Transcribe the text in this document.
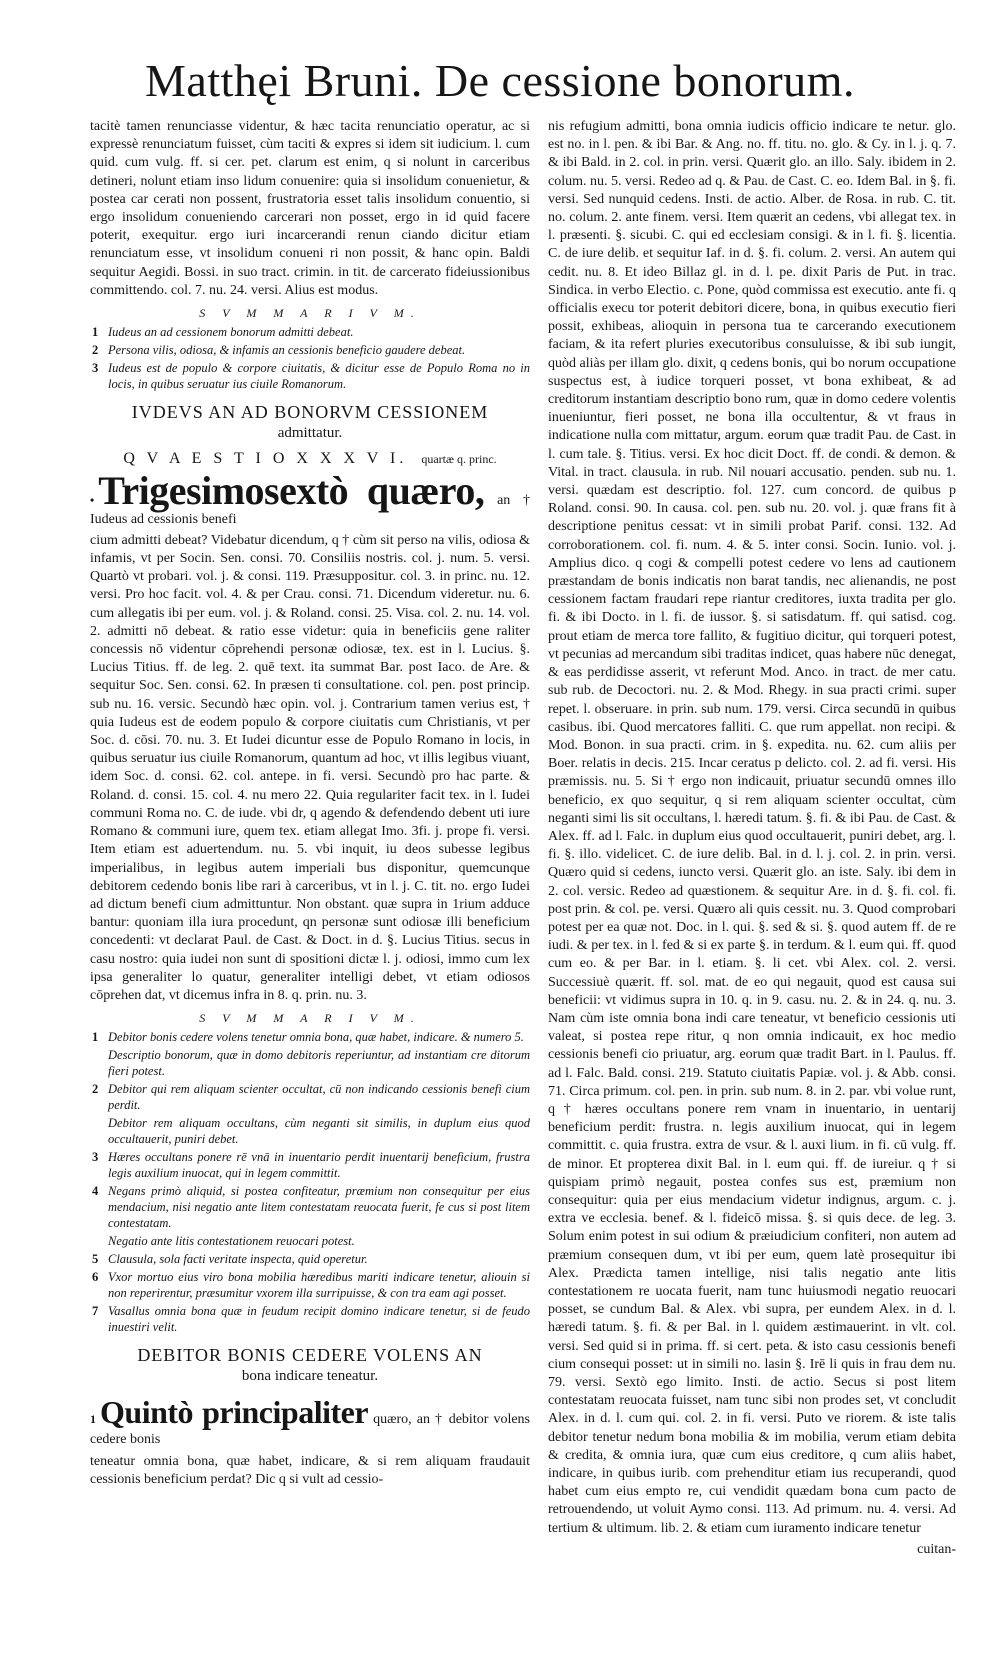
Matthęi Bruni. De cessione bonorum.

tacitè tamen renunciasse videntur, & hæc tacita renunciatio operatur, ac si expressè renunciatum fuisset, cùm taciti & expres si idem sit iudicium. l. cum quid. cum vulg. ff. si cer. pet. clarum est enim, q si nolunt in carceribus detineri, nolunt etiam inso lidum conuenire: quia si insolidum conuenietur, & postea car cerati non possent, frustratoria esset talis insolidum conuentio, si ergo insolidum conueniendo carcerari non posset, ergo in id quid facere poterit, exequitur. ergo iuri incarcerandi renun ciando dicitur etiam renunciatum esse, vt insolidum conueni ri non possit, & hanc opin. Baldi sequitur Aegidi. Bossi. in suo tract. crimin. in tit. de carcerato fideiussionibus committendo. col. 7. nu. 24. versi. Alius est modus.

S V M M A R I V M.
1 Iudeus an ad cessionem bonorum admitti debeat.
2 Persona vilis, odiosa, & infamis an cessionis beneficio gaudere debeat.
3 Iudeus est de populo & corpore ciuitatis, & dicitur esse de Populo Roma no in locis, in quibus seruatur ius ciuile Romanorum.
IVDEVS AN AD BONORVM CESSIONEM
admittatur.
Q V A E S T I O X X X V I. quartæ q. princ.

• Trigesimosextò quæro, an † Iudeus ad cessionis benefi

cium admitti debeat? Videbatur dicendum, q † cùm sit perso na vilis, odiosa & infamis, vt per Socin. Sen. consi. 70. Consiliis nostris. col. j. num. 5. versi. Quartò vt probari. vol. j. & consi. 119. Præsuppositur. col. 3. in princ. nu. 12. versi. Pro hoc facit. vol. 4. & per Crau. consi. 71. Dicendum videretur. nu. 6. cum allegatis ibi per eum. vol. j. & Roland. consi. 25. Visa. col. 2. nu. 14. vol. 2. admitti nō debeat. & ratio esse videtur: quia in beneficiis gene raliter concessis nō videntur cōprehendi personæ odiosæ, tex. est in l. Lucius. §. Lucius Titius. ff. de leg. 2. quē text. ita summat Bar. post Iaco. de Are. & sequitur Soc. Sen. consi. 62. In præsen ti consultatione. col. pen. post princip. sub nu. 16. versic. Secundò hæc opin. vol. j. Contrarium tamen verius est, † quia Iudeus est de eodem populo & corpore ciuitatis cum Christianis, vt per Soc. d. cōsi. 70. nu. 3. Et Iudei dicuntur esse de Populo Romano in locis, in quibus seruatur ius ciuile Romanorum, quantum ad hoc, vt illis legibus viuant, idem Soc. d. consi. 62. col. antepe. in fi. versi. Secundò pro hac parte. & Roland. d. consi. 15. col. 4. nu mero 22. Quia regulariter facit tex. in l. Iudei communi Roma no. C. de iude. vbi dr, q agendo & defendendo debent uti iure Romano & communi iure, quem tex. etiam allegat Imo. 3fi. j. prope fi. versi. Item etiam est aduertendum. nu. 5. vbi inquit, iu deos subesse legibus imperialibus, in legibus autem imperiali bus disponitur, quemcunque debitorem cedendo bonis libe rari à carceribus, vt in l. j. C. tit. no. ergo Iudei ad dictum benefi cium admittuntur. Non obstant. quæ supra in 1rium adduce bantur: quoniam illa iura procedunt, qn personæ sunt odiosæ illi beneficium concedenti: vt declarat Paul. de Cast. & Doct. in d. §. Lucius Titius. secus in casu nostro: quia iudei non sunt di spositioni dictæ l. j. odiosi, immo cum lex ipsa generaliter lo quatur, generaliter intelligi debet, vt etiam odiosos cōprehen dat, vt dicemus infra in 8. q. prin. nu. 3.

S V M M A R I V M.
1 Debitor bonis cedere volens tenetur omnia bona, quæ habet, indicare. & numero 5.
Descriptio bonorum, quæ in domo debitoris reperiuntur, ad instantiam cre ditorum fieri potest.
2 Debitor qui rem aliquam scienter occultat, cū non indicando cessionis benefi cium perdit.
Debitor rem aliquam occultans, cùm neganti sit similis, in duplum eius quod occultauerit, puniri debet.
3 Hæres occultans ponere rē vnā in inuentario perdit inuentarij beneficium, frustra legis auxilium inuocat, qui in legem committit.
4 Negans primò aliquid, si postea confiteatur, præmium non consequitur per eius mendacium, nisi negatio ante litem contestatam reuocata fuerit, fe cus si post litem contestatam.
Negatio ante litis contestationem reuocari potest.
5 Clausula, sola facti veritate inspecta, quid operetur.
6 Vxor mortuo eius viro bona mobilia hæredibus mariti indicare tenetur, aliouin si non reperirentur, præsumitur vxorem illa surripuisse, & con tra eam agi posset.
7 Vasallus omnia bona quæ in feudum recipit domino indicare tenetur, si de feudo inuestiri velit.
DEBITOR BONIS CEDERE VOLENS AN
bona indicare teneatur.

1 Quintò principaliter quæro, an † debitor volens cedere bonis

teneatur omnia bona, quæ habet, indicare, & si rem aliquam fraudauit cessionis beneficium perdat? Dic q si vult ad cessio-

nis refugium admitti, bona omnia iudicis officio indicare te netur. glo. est no. in l. pen. & ibi Bar. & Ang. no. ff. titu. no. glo. & Cy. in l. j. q. 7. & ibi Bald. in 2. col. in prin. versi. Quærit glo. an illo. Saly. ibidem in 2. colum. nu. 5. versi. Redeo ad q. & Pau. de Cast. C. eo. Idem Bal. in §. fi. versi. Sed nunquid cedens. Insti. de actio. Alber. de Rosa. in rub. C. tit. no. colum. 2. ante finem. versi. Item quærit an cedens, vbi allegat tex. in l. præsenti. §. sicubi. C. qui ed ecclesiam consigi. & in l. fi. §. licentia. C. de iure delib. et sequitur Iaf. in d. §. fi. colum. 2. versi. An autem qui cedit. nu. 8. Et ideo Billaz gl. in d. l. pe. dixit Paris de Put. in trac. Sindica. in verbo Electio. c. Pone, quòd commissa est executio. ante fi. q officialis execu tor poterit debitori dicere, bona, in quibus executio fieri possit, exhibeas, alioquin in persona tua te carcerando executionem faciam, & ita refert pluries executoribus consuluisse, & ibi sub iungit, quòd aliàs per illam glo. dixit, q cedens bonis, qui bo norum occupatione suspectus est, à iudice torqueri posset, vt bona exhibeat, & ad creditorum instantiam descriptio bono rum, quæ in domo cedere volentis inueniuntur, fieri posset, ne bona illa occultentur, & vt fraus in indicatione nulla com mittatur, argum. eorum quæ tradit Pau. de Cast. in l. cum tale. §. Titius. versi. Ex hoc dicit Doct. ff. de condi. & demon. & Vital. in tract. clausula. in rub. Nil nouari accusatio. penden. sub nu. 1. versi. quædam est descriptio. fol. 127. cum concord. de quibus p Roland. consi. 90. In causa. col. pen. sub nu. 20. vol. j. quæ frans fit à descriptione penitus cessat: vt in simili probat Parif. consi. 132. Ad corroborationem. col. fi. num. 4. & 5. inter consi. Socin. Iunio. vol. j. Amplius dico. q cogi & compelli potest cedere vo lens ad cautionem præstandam de bonis indicatis non barat tandis, nec alienandis, ne post cessionem factam fraudari repe riantur creditores, iuxta tradita per glo. fi. & ibi Docto. in l. fi. de iussor. §. si satisdatum. ff. qui satisd. cog. prout etiam de merca tore fallito, & fugitiuo dicitur, qui torqueri potest, vt pecunias ad mercandum sibi traditas indicet, quas habere nūc denegat, & eas perdidisse asserit, vt referunt Mod. Anco. in tract. de mer catu. sub rub. de Decoctori. nu. 2. & Mod. Rhegy. in sua practi crimi. super repet. l. obseruare. in prin. sub num. 179. versi. Circa secundū in quibus casibus. ibi. Quod mercatores falliti. C. que rum appellat. non recipi. & Mod. Bonon. in sua practi. crim. in §. expedita. nu. 62. cum aliis per Boer. relatis in decis. 215. Incar ceratus p delicto. col. 2. ad fi. versi. His præmissis. nu. 5. Si † ergo non indicauit, priuatur secundū omnes illo beneficio, ex quo sequitur, q si rem aliquam scienter occultat, cùm neganti simi lis sit occultans, l. hæredi tatum. §. fi. & ibi Pau. de Cast. & Alex. ff. ad l. Falc. in duplum eius quod occultauerit, puniri debet, arg. l. fi. §. illo. videlicet. C. de iure delib. Bal. in d. l. j. col. 2. in prin. versi. Quæro quid si cedens, iuncto versi. Quærit glo. an iste. Saly. ibi dem in 2. col. versic. Redeo ad quæstionem. & sequitur Are. in d. §. fi. col. fi. post prin. & col. pe. versi. Quæro ali quis cessit. nu. 3. Quod comprobari potest per ea quæ not. Doc. in l. qui. §. sed & si. §. quod autem ff. de re iudi. & per tex. in l. fed & si ex parte §. in terdum. & l. eum qui. ff. quod cum eo. & per Bar. in l. etiam. §. li cet. vbi Alex. col. 2. versi. Successiuè quærit. ff. sol. mat. de eo qui negauit, quod est causa sui beneficii: vt vidimus supra in 10. q. in 9. casu. nu. 2. & in 24. q. nu. 3. Nam cùm iste omnia bona indi care teneatur, vt beneficio cessionis uti valeat, si postea repe ritur, q non omnia indicauit, ex hoc medio cessionis benefi cio priuatur, arg. eorum quæ tradit Bart. in l. Paulus. ff. ad l. Falc. Bald. consi. 219. Statuto ciuitatis Papiæ. vol. j. & Abb. consi. 71. Circa primum. col. pen. in prin. sub num. 8. in 2. par. vbi volue runt, q † hæres occultans ponere rem vnam in inuentario, in uentarij beneficium perdit: frustra. n. legis auxilium inuocat, qui in legem committit. c. quia frustra. extra de vsur. & l. auxi lium. in fi. cū vulg. ff. de minor. Et propterea dixit Bal. in l. eum qui. ff. de iureiur. q † si quispiam primò negauit, postea confes sus est, præmium non consequitur: quia per eius mendacium videtur indignus, argum. c. j. extra ve ecclesia. benef. & l. fideicō missa. §. si quis dece. de leg. 3. Solum enim potest in sui odium & præiudicium confiteri, non autem ad præmium consequen dum, vt ibi per eum, quem latè prosequitur ibi Alex. Prædicta tamen intellige, nisi talis negatio ante litis contestationem re uocata fuerit, nam tunc huiusmodi negatio reuocari posset, se cundum Bal. & Alex. vbi supra, per eundem Alex. in d. l. hæredi tatum. §. fi. & per Bal. in l. quidem æstimauerint. in vlt. col. versi. Sed quid si in prima. ff. si cert. peta. & isto casu cessionis benefi cium consequi posset: ut in simili no. lasin §. Irē li quis in frau dem nu. 79. versi. Sextò ego limito. Insti. de actio. Secus si post litem contestatam reuocata fuisset, nam tunc sibi non prodes set, vt concludit Alex. in d. l. cum qui. col. 2. in fi. versi. Puto ve riorem. & iste talis debitor tenetur nedum bona mobilia & im mobilia, verum etiam debita & credita, & omnia iura, quæ cum eius creditore, q cum aliis habet, indicare, in quibus iurib. com prehenditur etiam ius recuperandi, quod habet cum eius empto re, cui vendidit quædam bona cum pacto de retrouendendo, ut voluit Aymo consi. 113. Ad primum. nu. 4. versi. Ad tertium & ultimum. lib. 2. & etiam cum iuramento indicare tenetur

cuitan-
